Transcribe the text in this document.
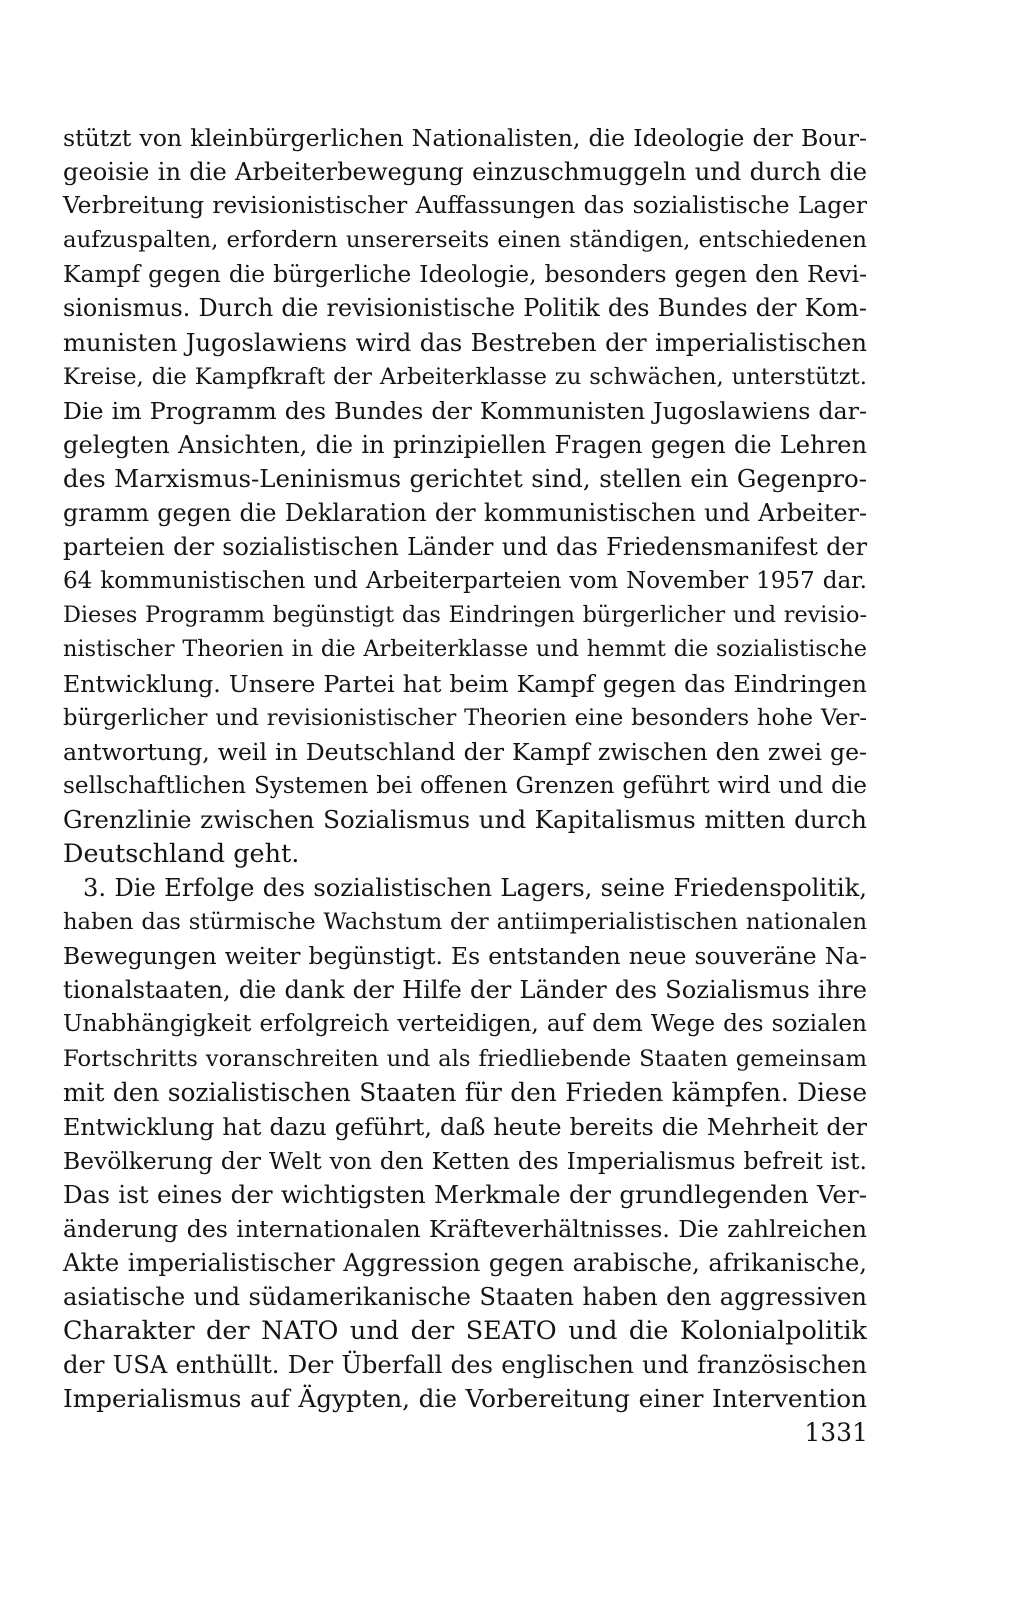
stützt von kleinbürgerlichen Nationalisten, die Ideologie der Bour-
geoisie in die Arbeiterbewegung einzuschmuggeln und durch die
Verbreitung revisionistischer Auffassungen das sozialistische Lager
aufzuspalten, erfordern unsererseits einen ständigen, entschiedenen
Kampf gegen die bürgerliche Ideologie, besonders gegen den Revi-
sionismus. Durch die revisionistische Politik des Bundes der Kom-
munisten Jugoslawiens wird das Bestreben der imperialistischen
Kreise, die Kampfkraft der Arbeiterklasse zu schwächen, unterstützt.
Die im Programm des Bundes der Kommunisten Jugoslawiens dar-
gelegten Ansichten, die in prinzipiellen Fragen gegen die Lehren
des Marxismus-Leninismus gerichtet sind, stellen ein Gegenpro-
gramm gegen die Deklaration der kommunistischen und Arbeiter-
parteien der sozialistischen Länder und das Friedensmanifest der
64 kommunistischen und Arbeiterparteien vom November 1957 dar.
Dieses Programm begünstigt das Eindringen bürgerlicher und revisio-
nistischer Theorien in die Arbeiterklasse und hemmt die sozialistische
Entwicklung. Unsere Partei hat beim Kampf gegen das Eindringen
bürgerlicher und revisionistischer Theorien eine besonders hohe Ver-
antwortung, weil in Deutschland der Kampf zwischen den zwei ge-
sellschaftlichen Systemen bei offenen Grenzen geführt wird und die
Grenzlinie zwischen Sozialismus und Kapitalismus mitten durch
Deutschland geht.
3. Die Erfolge des sozialistischen Lagers, seine Friedenspolitik,
haben das stürmische Wachstum der antiimperialistischen nationalen
Bewegungen weiter begünstigt. Es entstanden neue souveräne Na-
tionalstaaten, die dank der Hilfe der Länder des Sozialismus ihre
Unabhängigkeit erfolgreich verteidigen, auf dem Wege des sozialen
Fortschritts voranschreiten und als friedliebende Staaten gemeinsam
mit den sozialistischen Staaten für den Frieden kämpfen. Diese
Entwicklung hat dazu geführt, daß heute bereits die Mehrheit der
Bevölkerung der Welt von den Ketten des Imperialismus befreit ist.
Das ist eines der wichtigsten Merkmale der grundlegenden Ver-
änderung des internationalen Kräfteverhältnisses. Die zahlreichen
Akte imperialistischer Aggression gegen arabische, afrikanische,
asiatische und südamerikanische Staaten haben den aggressiven
Charakter der NATO und der SEATO und die Kolonialpolitik
der USA enthüllt. Der Überfall des englischen und französischen
Imperialismus auf Ägypten, die Vorbereitung einer Intervention
1331
